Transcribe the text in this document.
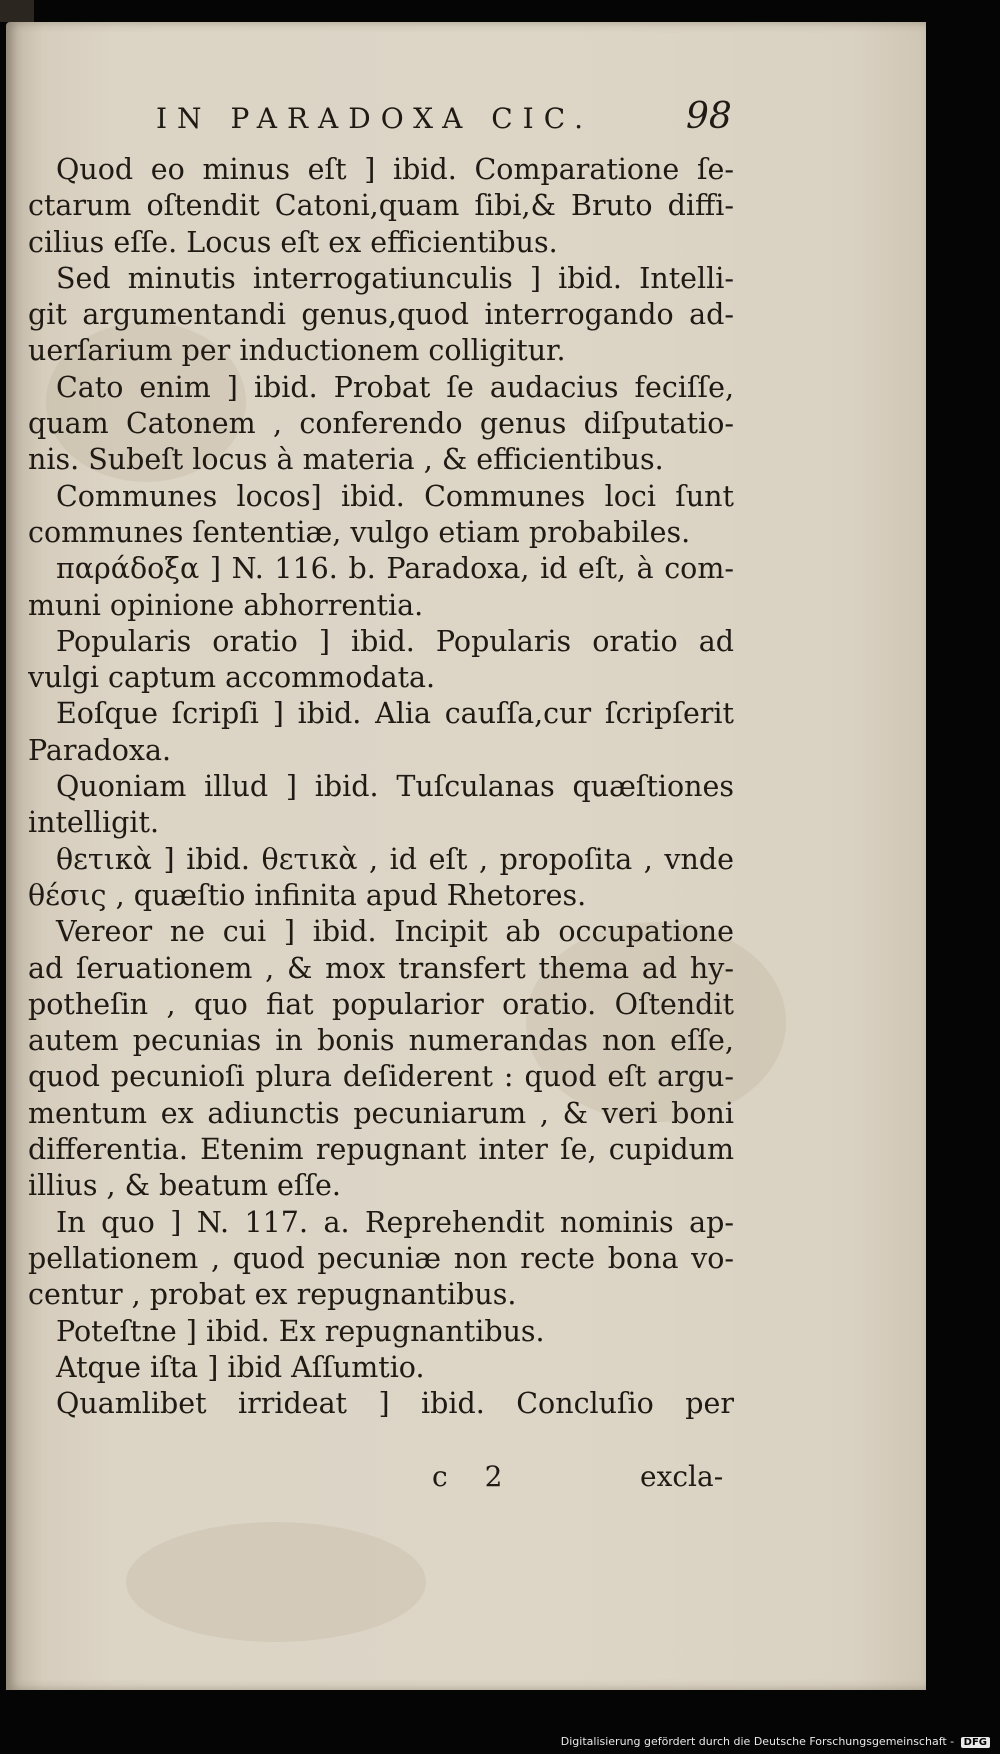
IN PARADOXA CIC.	98
Quod eo minus eſt ] ibid. Comparatione ſe-
ctarum oſtendit Catoni,quam ſibi,& Bruto diffi-
cilius eſſe. Locus eſt ex efficientibus.
Sed minutis interrogatiunculis ] ibid. Intelli-
git argumentandi genus,quod interrogando ad-
uerſarium per inductionem colligitur.
Cato enim ] ibid. Probat ſe audacius feciſſe,
quam Catonem , conferendo genus diſputatio-
nis. Subeſt locus à materia , & efficientibus.
Communes locos] ibid. Communes loci ſunt
communes ſententiæ, vulgo etiam probabiles.
παράδοξα ] N. 116. b. Paradoxa, id eſt, à com-
muni opinione abhorrentia.
Popularis oratio ] ibid. Popularis oratio ad
vulgi captum accommodata.
Eoſque ſcripſi ] ibid. Alia cauſſa,cur ſcripſerit
Paradoxa.
Quoniam illud ] ibid. Tuſculanas quæſtiones
intelligit.
θετικὰ ] ibid. θετικὰ , id eſt , propoſita , vnde
θέσις , quæſtio infinita apud Rhetores.
Vereor ne cui ] ibid. Incipit ab occupatione
ad ſeruationem , & mox transfert thema ad hy-
potheſin , quo fiat popularior oratio. Oſtendit
autem pecunias in bonis numerandas non eſſe,
quod pecunioſi plura deſiderent : quod eſt argu-
mentum ex adiunctis pecuniarum , & veri boni
differentia. Etenim repugnant inter ſe, cupidum
illius , & beatum eſſe.
In quo ] N. 117. a. Reprehendit nominis ap-
pellationem , quod pecuniæ non recte bona vo-
centur , probat ex repugnantibus.
Poteſtne ] ibid. Ex repugnantibus.
Atque iſta ] ibid Aſſumtio.
Quamlibet irrideat ] ibid. Concluſio per
c 2	excla-
Digitalisierung gefördert durch die Deutsche Forschungsgemeinschaft - DFG
